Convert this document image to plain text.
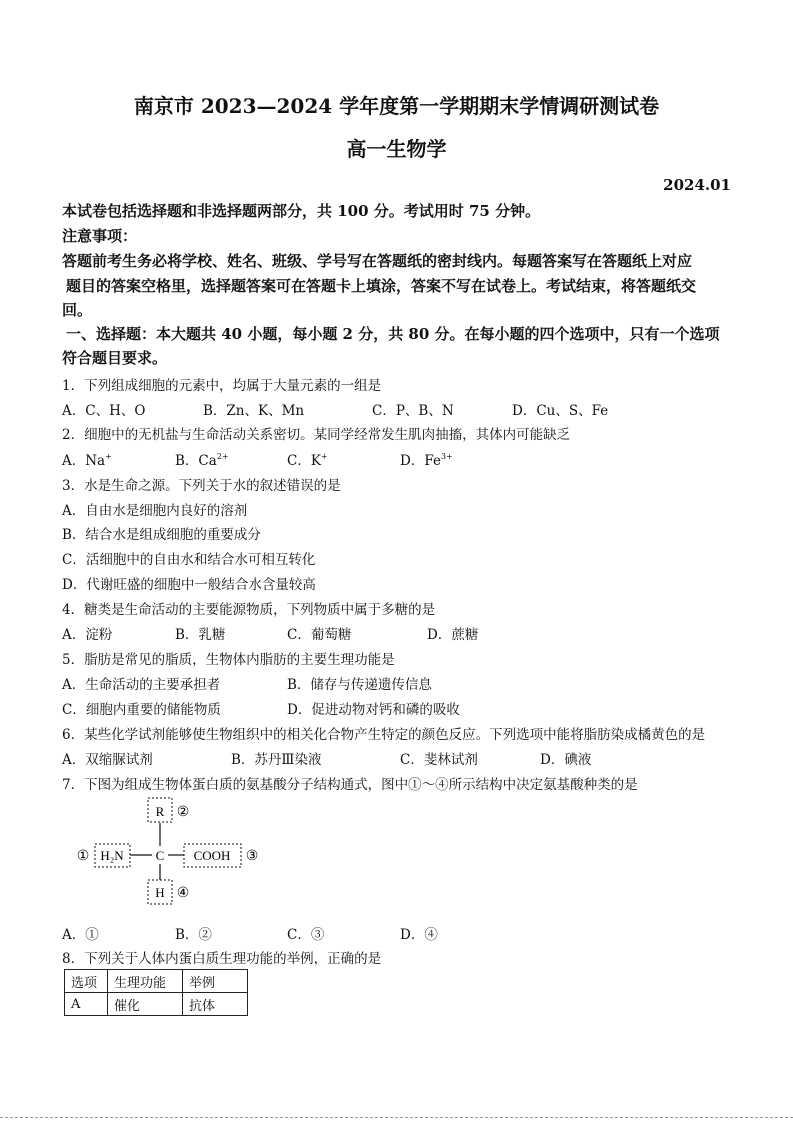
南京市 2023—2024 学年度第一学期期末学情调研测试卷
高一生物学
2024.01
本试卷包括选择题和非选择题两部分，共 100 分。考试用时 75 分钟。
注意事项：
答题前考生务必将学校、姓名、班级、学号写在答题纸的密封线内。每题答案写在答题纸上对应
题目的答案空格里，选择题答案可在答题卡上填涂，答案不写在试卷上。考试结束，将答题纸交
回。
一、选择题：本大题共 40 小题，每小题 2 分，共 80 分。在每小题的四个选项中，只有一个选项
符合题目要求。
1．下列组成细胞的元素中，均属于大量元素的一组是
A．C、H、O	B．Zn、K、Mn	C．P、B、N	D．Cu、S、Fe
2．细胞中的无机盐与生命活动关系密切。某同学经常发生肌肉抽搐，其体内可能缺乏
A．Na+	B．$Ca^{2+}$	C．K+	D．$Fe^{3+}$
3．水是生命之源。下列关于水的叙述错误的是
A．自由水是细胞内良好的溶剂
B．结合水是组成细胞的重要成分
C．活细胞中的自由水和结合水可相互转化
D．代谢旺盛的细胞中一般结合水含量较高
4．糖类是生命活动的主要能源物质，下列物质中属于多糖的是
A．淀粉	B．乳糖	C．葡萄糖	D．蔗糖
5．脂肪是常见的脂质，生物体内脂肪的主要生理功能是
A．生命活动的主要承担者	B．储存与传递遗传信息
C．细胞内重要的储能物质	D．促进动物对钙和磷的吸收
6．某些化学试剂能够使生物组织中的相关化合物产生特定的颜色反应。下列选项中能将脂肪染成橘黄色的是
A．双缩脲试剂	B．苏丹Ⅲ染液	C．斐林试剂	D．碘液
7．下图为组成生物体蛋白质的氨基酸分子结构通式，图中①～④所示结构中决定氨基酸种类的是
R ②
C
H₂N
①	COOH ③
H ④
A．①	B．②	C．③	D．④
8．下列关于人体内蛋白质生理功能的举例，正确的是
选项	生理功能	举例
A	催化	抗体
